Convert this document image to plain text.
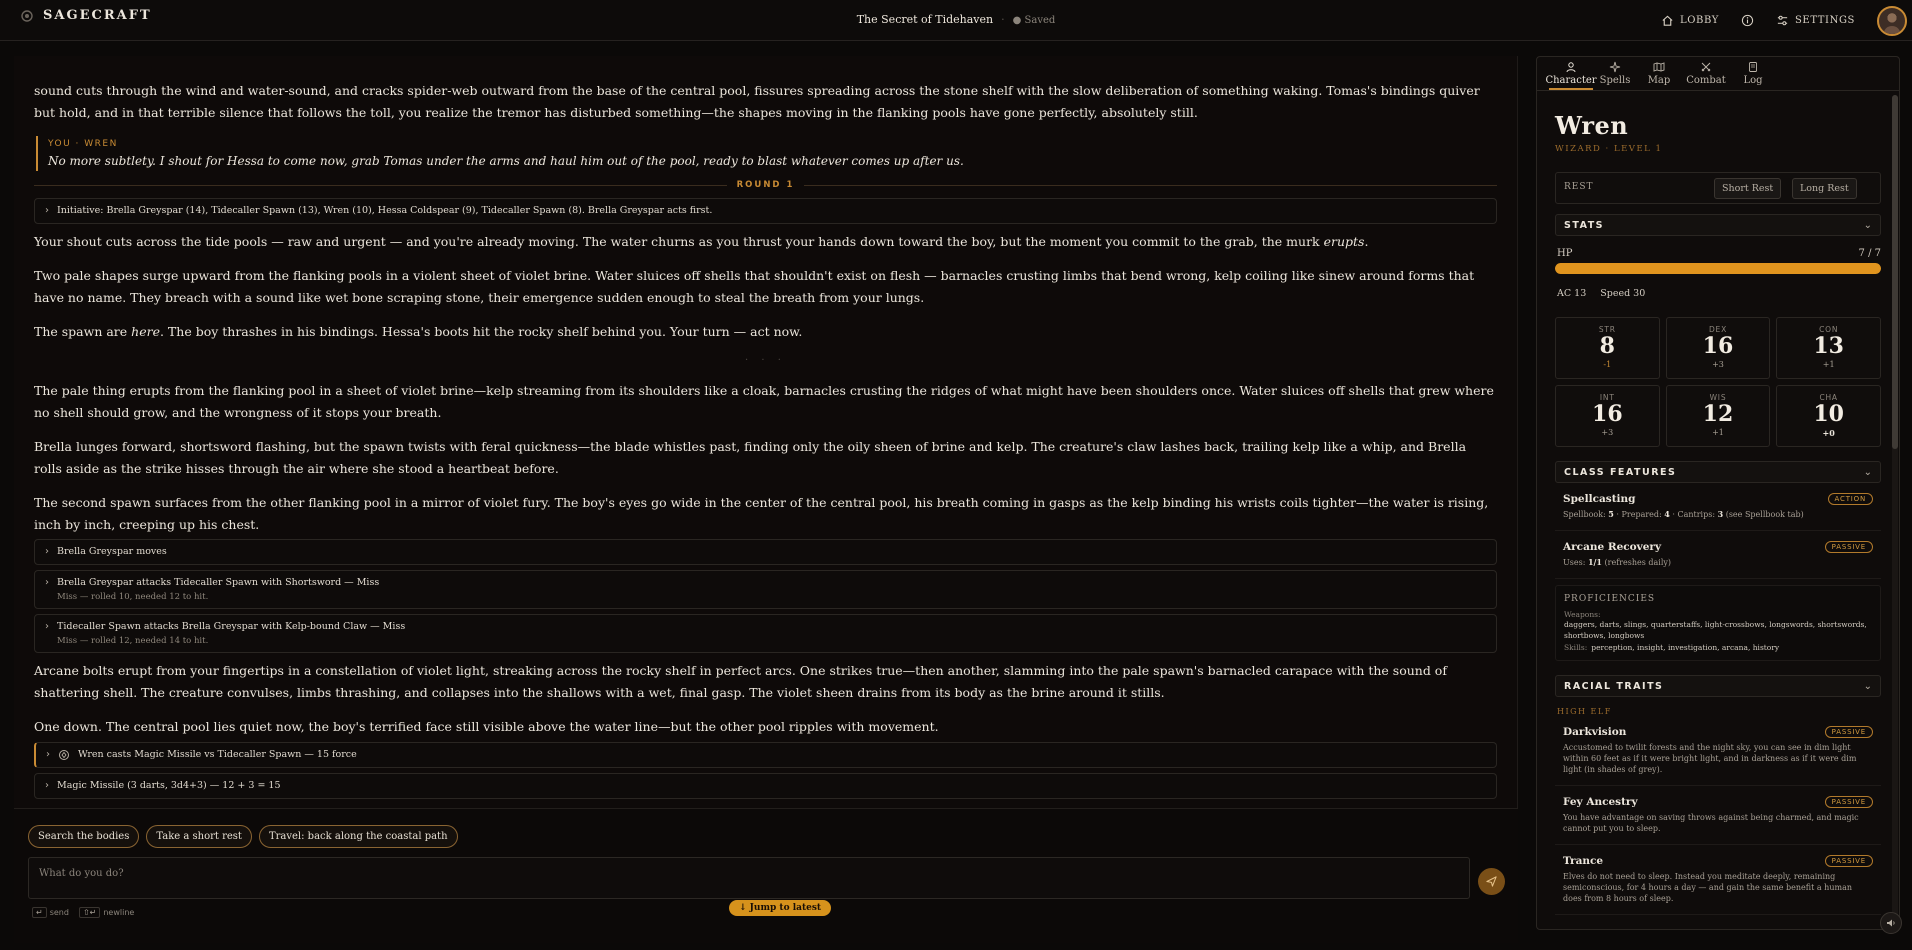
SAGECRAFT	The Secret of Tidehaven · ● Saved	LOBBY	SETTINGS

sound cuts through the wind and water-sound, and cracks spider-web outward from the base of the central pool, fissures spreading across the stone shelf with the slow deliberation of something waking. Tomas's bindings quiver but hold, and in that terrible silence that follows the toll, you realize the tremor has disturbed something—the shapes moving in the flanking pools have gone perfectly, absolutely still.

YOU · WREN
No more subtlety. I shout for Hessa to come now, grab Tomas under the arms and haul him out of the pool, ready to blast whatever comes up after us.
ROUND 1
› Initiative: Brella Greyspar (14), Tidecaller Spawn (13), Wren (10), Hessa Coldspear (9), Tidecaller Spawn (8). Brella Greyspar acts first.

Your shout cuts across the tide pools — raw and urgent — and you're already moving. The water churns as you thrust your hands down toward the boy, but the moment you commit to the grab, the murk erupts.

Two pale shapes surge upward from the flanking pools in a violent sheet of violet brine. Water sluices off shells that shouldn't exist on flesh — barnacles crusting limbs that bend wrong, kelp coiling like sinew around forms that have no name. They breach with a sound like wet bone scraping stone, their emergence sudden enough to steal the breath from your lungs.

The spawn are here. The boy thrashes in his bindings. Hessa's boots hit the rocky shelf behind you. Your turn — act now.

· · ·

The pale thing erupts from the flanking pool in a sheet of violet brine—kelp streaming from its shoulders like a cloak, barnacles crusting the ridges of what might have been shoulders once. Water sluices off shells that grew where no shell should grow, and the wrongness of it stops your breath.

Brella lunges forward, shortsword flashing, but the spawn twists with feral quickness—the blade whistles past, finding only the oily sheen of brine and kelp. The creature's claw lashes back, trailing kelp like a whip, and Brella rolls aside as the strike hisses through the air where she stood a heartbeat before.

The second spawn surfaces from the other flanking pool in a mirror of violet fury. The boy's eyes go wide in the center of the central pool, his breath coming in gasps as the kelp binding his wrists coils tighter—the water is rising, inch by inch, creeping up his chest.

› Brella Greyspar moves
› Brella Greyspar attacks Tidecaller Spawn with Shortsword — Miss
Miss — rolled 10, needed 12 to hit.
› Tidecaller Spawn attacks Brella Greyspar with Kelp-bound Claw — Miss
Miss — rolled 12, needed 14 to hit.

Arcane bolts erupt from your fingertips in a constellation of violet light, streaking across the rocky shelf in perfect arcs. One strikes true—then another, slamming into the pale spawn's barnacled carapace with the sound of shattering shell. The creature convulses, limbs thrashing, and collapses into the shallows with a wet, final gasp. The violet sheen drains from its body as the brine around it stills.

One down. The central pool lies quiet now, the boy's terrified face still visible above the water line—but the other pool ripples with movement.

›	Wren casts Magic Missile vs Tidecaller Spawn — 15 force
› Magic Missile (3 darts, 3d4+3) — 12 + 3 = 15
Search the bodies	Take a short rest	Travel: back along the coastal path
What do you do?
↵ send	⇧↵ newline	↓ Jump to latest
Character Spells Map Combat Log
Wren
WIZARD · LEVEL 1
REST	Short Rest	Long Rest
STATS	⌄
HP	7 / 7
AC 13 Speed 30
STR
8
-1
DEX
16
+3
CON
13
+1
INT
16
+3
WIS
12
+1
CHA
10
+0
CLASS FEATURES	⌄
Spellcasting	ACTION
Spellbook: 5 · Prepared: 4 · Cantrips: 3 (see Spellbook tab)
Arcane Recovery	PASSIVE
Uses: 1/1 (refreshes daily)
PROFICIENCIES
Weapons:
daggers, darts, slings, quarterstaffs, light-crossbows, longswords, shortswords, shortbows, longbows
Skills: perception, insight, investigation, arcana, history
RACIAL TRAITS	⌄
HIGH ELF
Darkvision	PASSIVE
Accustomed to twilit forests and the night sky, you can see in dim light within 60 feet as if it were bright light, and in darkness as if it were dim light (in shades of grey).
Fey Ancestry	PASSIVE
You have advantage on saving throws against being charmed, and magic cannot put you to sleep.
Trance	PASSIVE
Elves do not need to sleep. Instead you meditate deeply, remaining semiconscious, for 4 hours a day — and gain the same benefit a human does from 8 hours of sleep.
